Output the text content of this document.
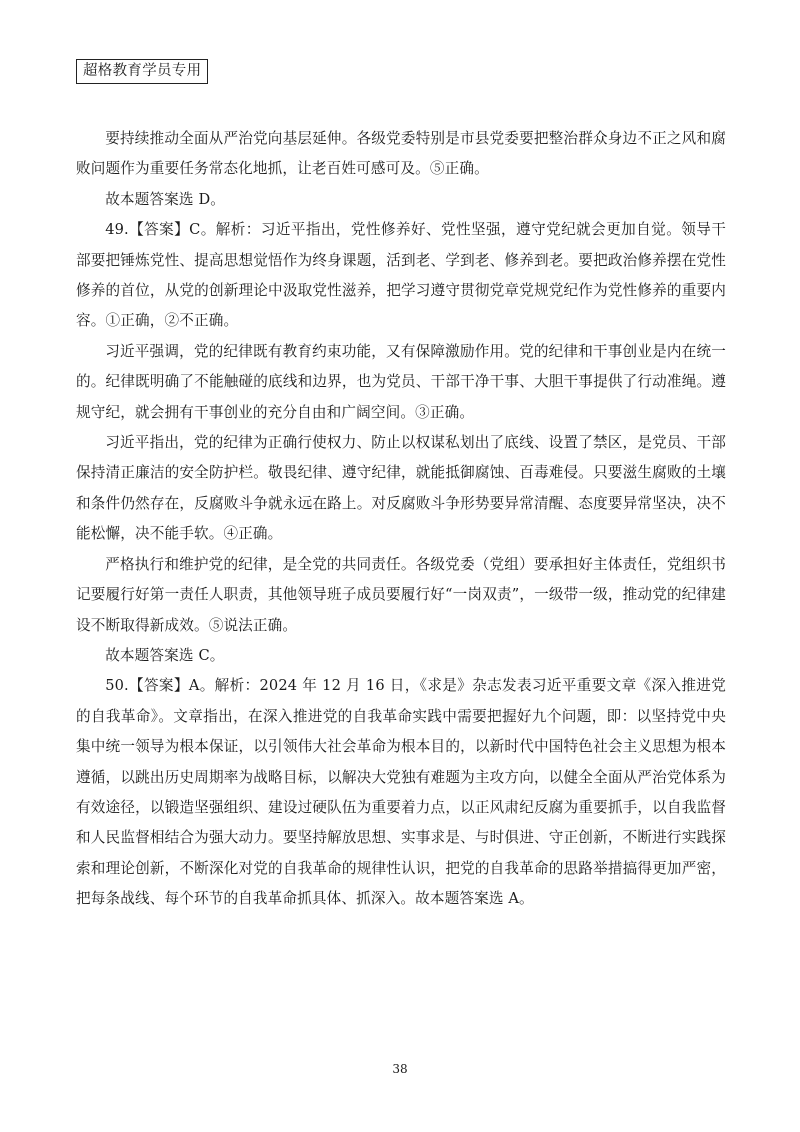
超格教育学员专用

要持续推动全面从严治党向基层延伸。各级党委特别是市县党委要把整治群众身边不正之风和腐败问题作为重要任务常态化地抓，让老百姓可感可及。⑤正确。

故本题答案选 D。

49.【答案】C。解析：习近平指出，党性修养好、党性坚强，遵守党纪就会更加自觉。领导干部要把锤炼党性、提高思想觉悟作为终身课题，活到老、学到老、修养到老。要把政治修养摆在党性修养的首位，从党的创新理论中汲取党性滋养，把学习遵守贯彻党章党规党纪作为党性修养的重要内容。①正确，②不正确。

习近平强调，党的纪律既有教育约束功能，又有保障激励作用。党的纪律和干事创业是内在统一的。纪律既明确了不能触碰的底线和边界，也为党员、干部干净干事、大胆干事提供了行动准绳。遵规守纪，就会拥有干事创业的充分自由和广阔空间。③正确。

习近平指出，党的纪律为正确行使权力、防止以权谋私划出了底线、设置了禁区，是党员、干部保持清正廉洁的安全防护栏。敬畏纪律、遵守纪律，就能抵御腐蚀、百毒难侵。只要滋生腐败的土壤和条件仍然存在，反腐败斗争就永远在路上。对反腐败斗争形势要异常清醒、态度要异常坚决，决不能松懈，决不能手软。④正确。

严格执行和维护党的纪律，是全党的共同责任。各级党委（党组）要承担好主体责任，党组织书记要履行好第一责任人职责，其他领导班子成员要履行好“一岗双责”，一级带一级，推动党的纪律建设不断取得新成效。⑤说法正确。

故本题答案选 C。

50.【答案】A。解析：2024 年 12 月 16 日，《求是》杂志发表习近平重要文章《深入推进党的自我革命》。文章指出，在深入推进党的自我革命实践中需要把握好九个问题，即：以坚持党中央集中统一领导为根本保证，以引领伟大社会革命为根本目的，以新时代中国特色社会主义思想为根本遵循，以跳出历史周期率为战略目标，以解决大党独有难题为主攻方向，以健全全面从严治党体系为有效途径，以锻造坚强组织、建设过硬队伍为重要着力点，以正风肃纪反腐为重要抓手，以自我监督和人民监督相结合为强大动力。要坚持解放思想、实事求是、与时俱进、守正创新，不断进行实践探索和理论创新，不断深化对党的自我革命的规律性认识，把党的自我革命的思路举措搞得更加严密，把每条战线、每个环节的自我革命抓具体、抓深入。故本题答案选 A。

38
